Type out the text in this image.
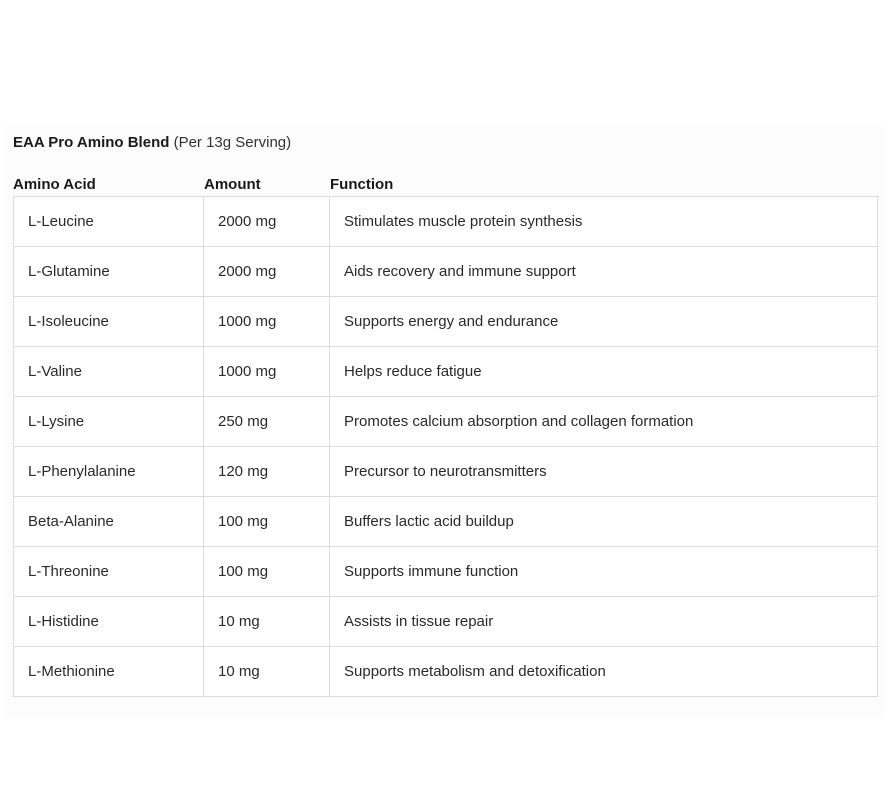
EAA Pro Amino Blend (Per 13g Serving)
Amino Acid	Amount	Function
L-Leucine	2000 mg	Stimulates muscle protein synthesis
L-Glutamine	2000 mg	Aids recovery and immune support
L-Isoleucine	1000 mg	Supports energy and endurance
L-Valine	1000 mg	Helps reduce fatigue
L-Lysine	250 mg	Promotes calcium absorption and collagen formation
L-Phenylalanine	120 mg	Precursor to neurotransmitters
Beta-Alanine	100 mg	Buffers lactic acid buildup
L-Threonine	100 mg	Supports immune function
L-Histidine	10 mg	Assists in tissue repair
L-Methionine	10 mg	Supports metabolism and detoxification
